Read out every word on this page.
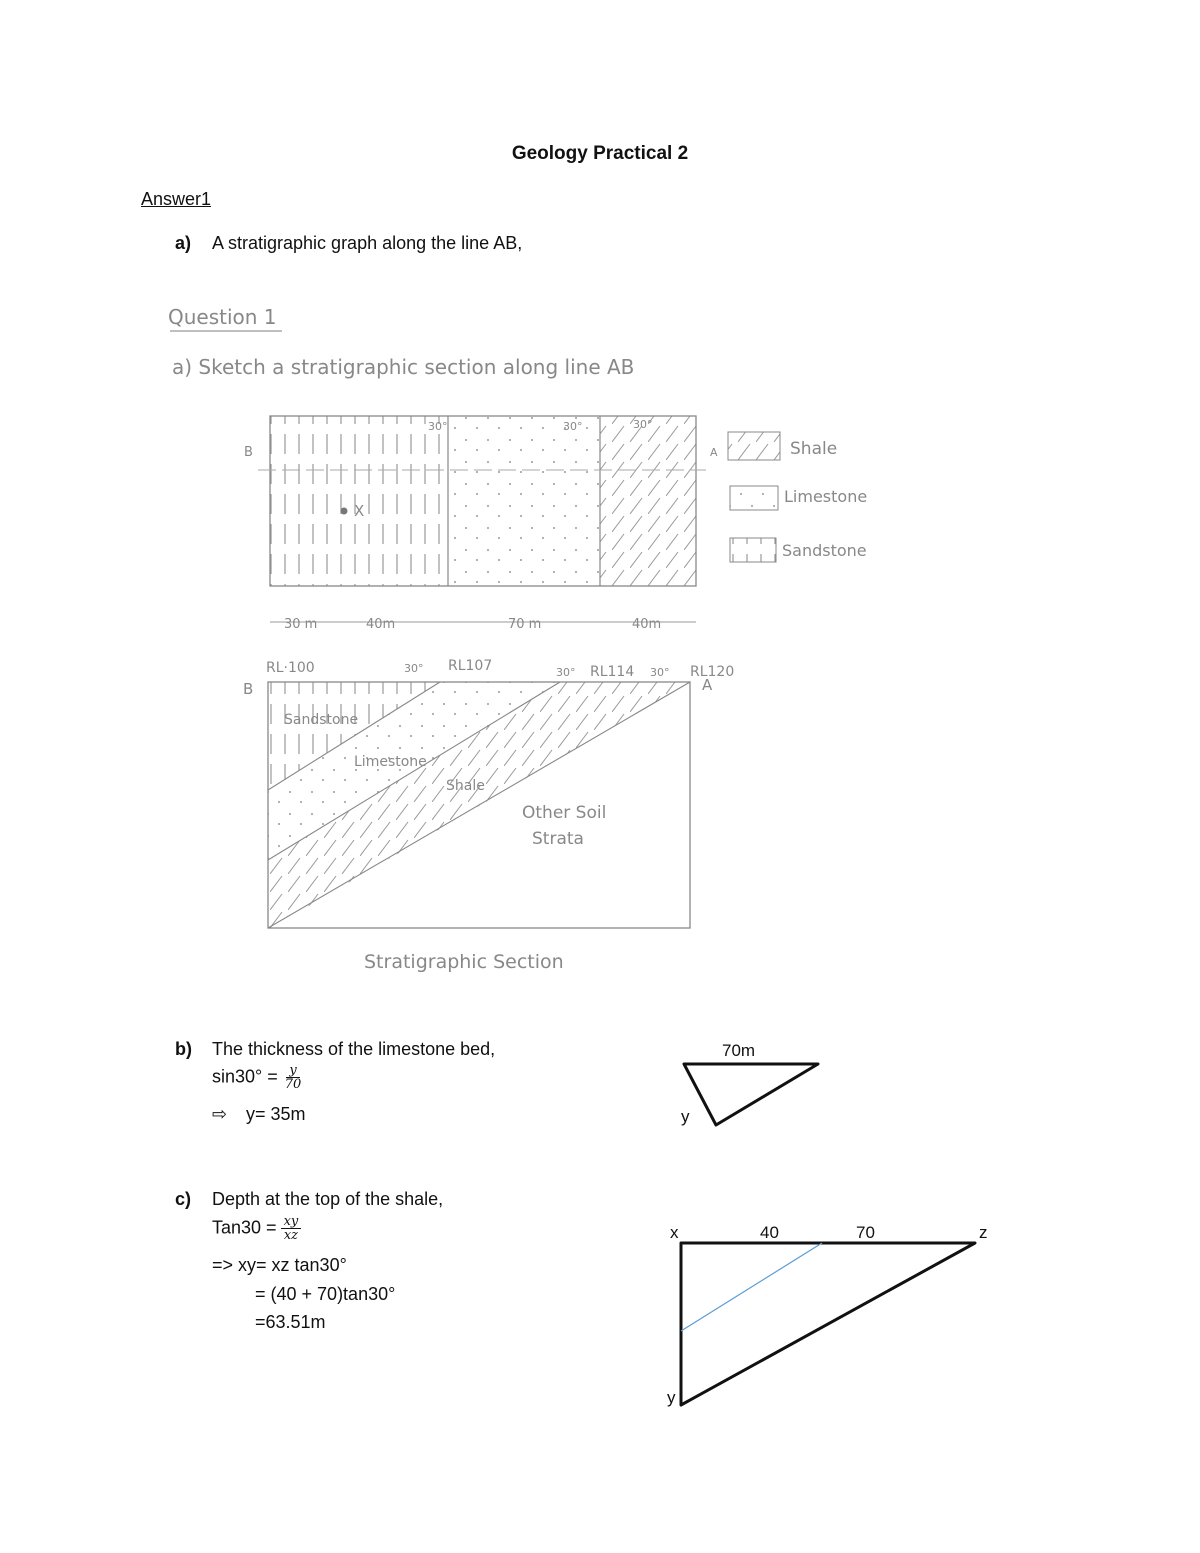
Geology Practical 2
Answer1
a) A stratigraphic graph along the line AB,
Question 1
a) Sketch a stratigraphic section along line AB
X
B	A
30°	30°	30°
30 m	40m	70 m	40m
Shale
Limestone
Sandstone
RL·100	RL107	RL114	RL120
30°	30°	30°
B	A
Sandstone
Limestone
Shale
Other Soil
Strata
Stratigraphic Section
b) The thickness of the limestone bed,
$\sin 30^\circ = \frac{y}{70}$
⇨ y= 35m
70m
y
c) Depth at the top of the shale,
$Tan30 = \frac{xy}{xz}$
=> xy= xz tan30°
= (40 + 70)tan30°
=63.51m
x	40	70	z
y
